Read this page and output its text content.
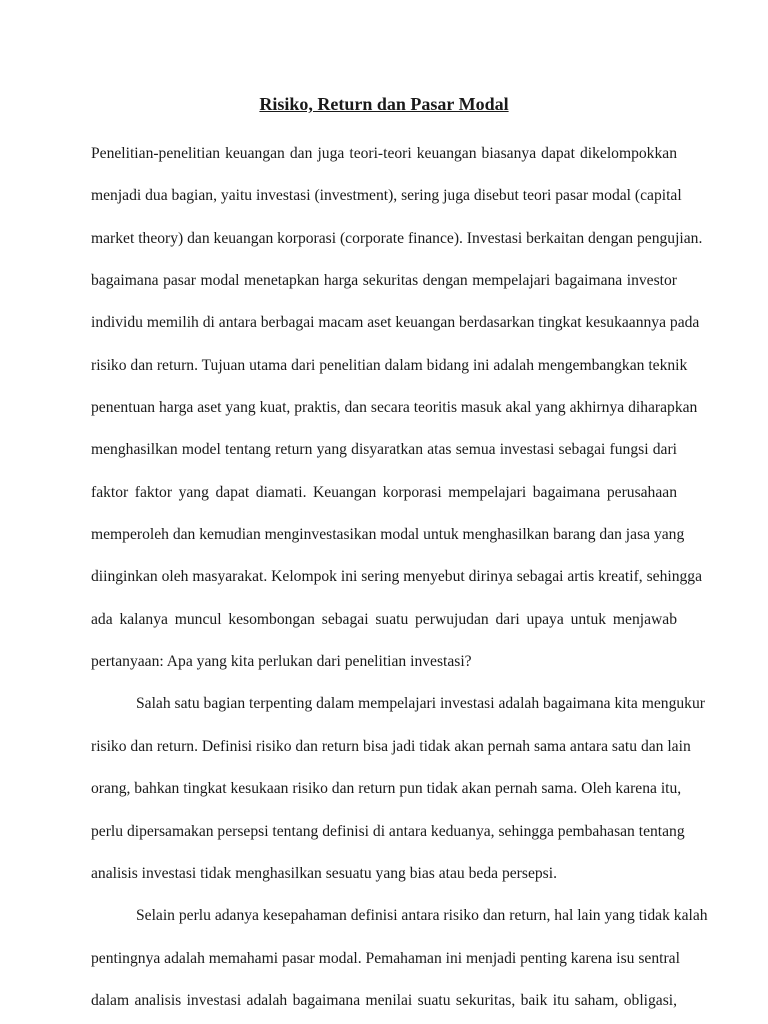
Risiko, Return dan Pasar Modal
Penelitian-penelitian keuangan dan juga teori-teori keuangan biasanya dapat dikelompokkan
menjadi dua bagian, yaitu investasi (investment), sering juga disebut teori pasar modal (capital
market theory) dan keuangan korporasi (corporate finance). Investasi berkaitan dengan pengujian.
bagaimana pasar modal menetapkan harga sekuritas dengan mempelajari bagaimana investor
individu memilih di antara berbagai macam aset keuangan berdasarkan tingkat kesukaannya pada
risiko dan return. Tujuan utama dari penelitian dalam bidang ini adalah mengembangkan teknik
penentuan harga aset yang kuat, praktis, dan secara teoritis masuk akal yang akhirnya diharapkan
menghasilkan model tentang return yang disyaratkan atas semua investasi sebagai fungsi dari
faktor faktor yang dapat diamati. Keuangan korporasi mempelajari bagaimana perusahaan
memperoleh dan kemudian menginvestasikan modal untuk menghasilkan barang dan jasa yang
diinginkan oleh masyarakat. Kelompok ini sering menyebut dirinya sebagai artis kreatif, sehingga
ada kalanya muncul kesombongan sebagai suatu perwujudan dari upaya untuk menjawab
pertanyaan: Apa yang kita perlukan dari penelitian investasi?
Salah satu bagian terpenting dalam mempelajari investasi adalah bagaimana kita mengukur
risiko dan return. Definisi risiko dan return bisa jadi tidak akan pernah sama antara satu dan lain
orang, bahkan tingkat kesukaan risiko dan return pun tidak akan pernah sama. Oleh karena itu,
perlu dipersamakan persepsi tentang definisi di antara keduanya, sehingga pembahasan tentang
analisis investasi tidak menghasilkan sesuatu yang bias atau beda persepsi.
Selain perlu adanya kesepahaman definisi antara risiko dan return, hal lain yang tidak kalah
pentingnya adalah memahami pasar modal. Pemahaman ini menjadi penting karena isu sentral
dalam analisis investasi adalah bagaimana menilai suatu sekuritas, baik itu saham, obligasi,
